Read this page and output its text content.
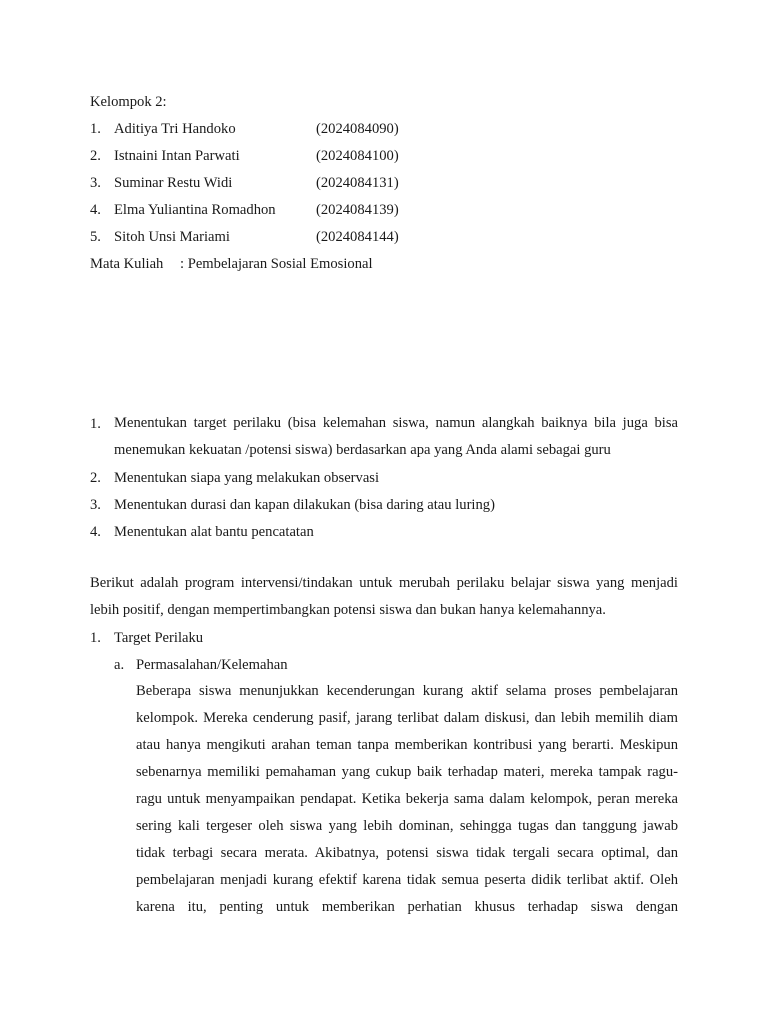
Kelompok 2:
1. Aditiya Tri Handoko	(2024084090)
2. Istnaini Intan Parwati	(2024084100)
3. Suminar Restu Widi	(2024084131)
4. Elma Yuliantina Romadhon	(2024084139)
5. Sitoh Unsi Mariami	(2024084144)
Mata Kuliah : Pembelajaran Sosial Emosional
1. Menentukan target perilaku (bisa kelemahan siswa, namun alangkah baiknya bila juga bisa
menemukan kekuatan /potensi siswa) berdasarkan apa yang Anda alami sebagai guru
2. Menentukan siapa yang melakukan observasi
3. Menentukan durasi dan kapan dilakukan (bisa daring atau luring)
4. Menentukan alat bantu pencatatan
Berikut adalah program intervensi/tindakan untuk merubah perilaku belajar siswa yang menjadi
lebih positif, dengan mempertimbangkan potensi siswa dan bukan hanya kelemahannya.
1. Target Perilaku
a. Permasalahan/Kelemahan
Beberapa siswa menunjukkan kecenderungan kurang aktif selama proses pembelajaran
kelompok. Mereka cenderung pasif, jarang terlibat dalam diskusi, dan lebih memilih diam
atau hanya mengikuti arahan teman tanpa memberikan kontribusi yang berarti. Meskipun
sebenarnya memiliki pemahaman yang cukup baik terhadap materi, mereka tampak ragu-
ragu untuk menyampaikan pendapat. Ketika bekerja sama dalam kelompok, peran mereka
sering kali tergeser oleh siswa yang lebih dominan, sehingga tugas dan tanggung jawab
tidak terbagi secara merata. Akibatnya, potensi siswa tidak tergali secara optimal, dan
pembelajaran menjadi kurang efektif karena tidak semua peserta didik terlibat aktif. Oleh
karena itu, penting untuk memberikan perhatian khusus terhadap siswa dengan
